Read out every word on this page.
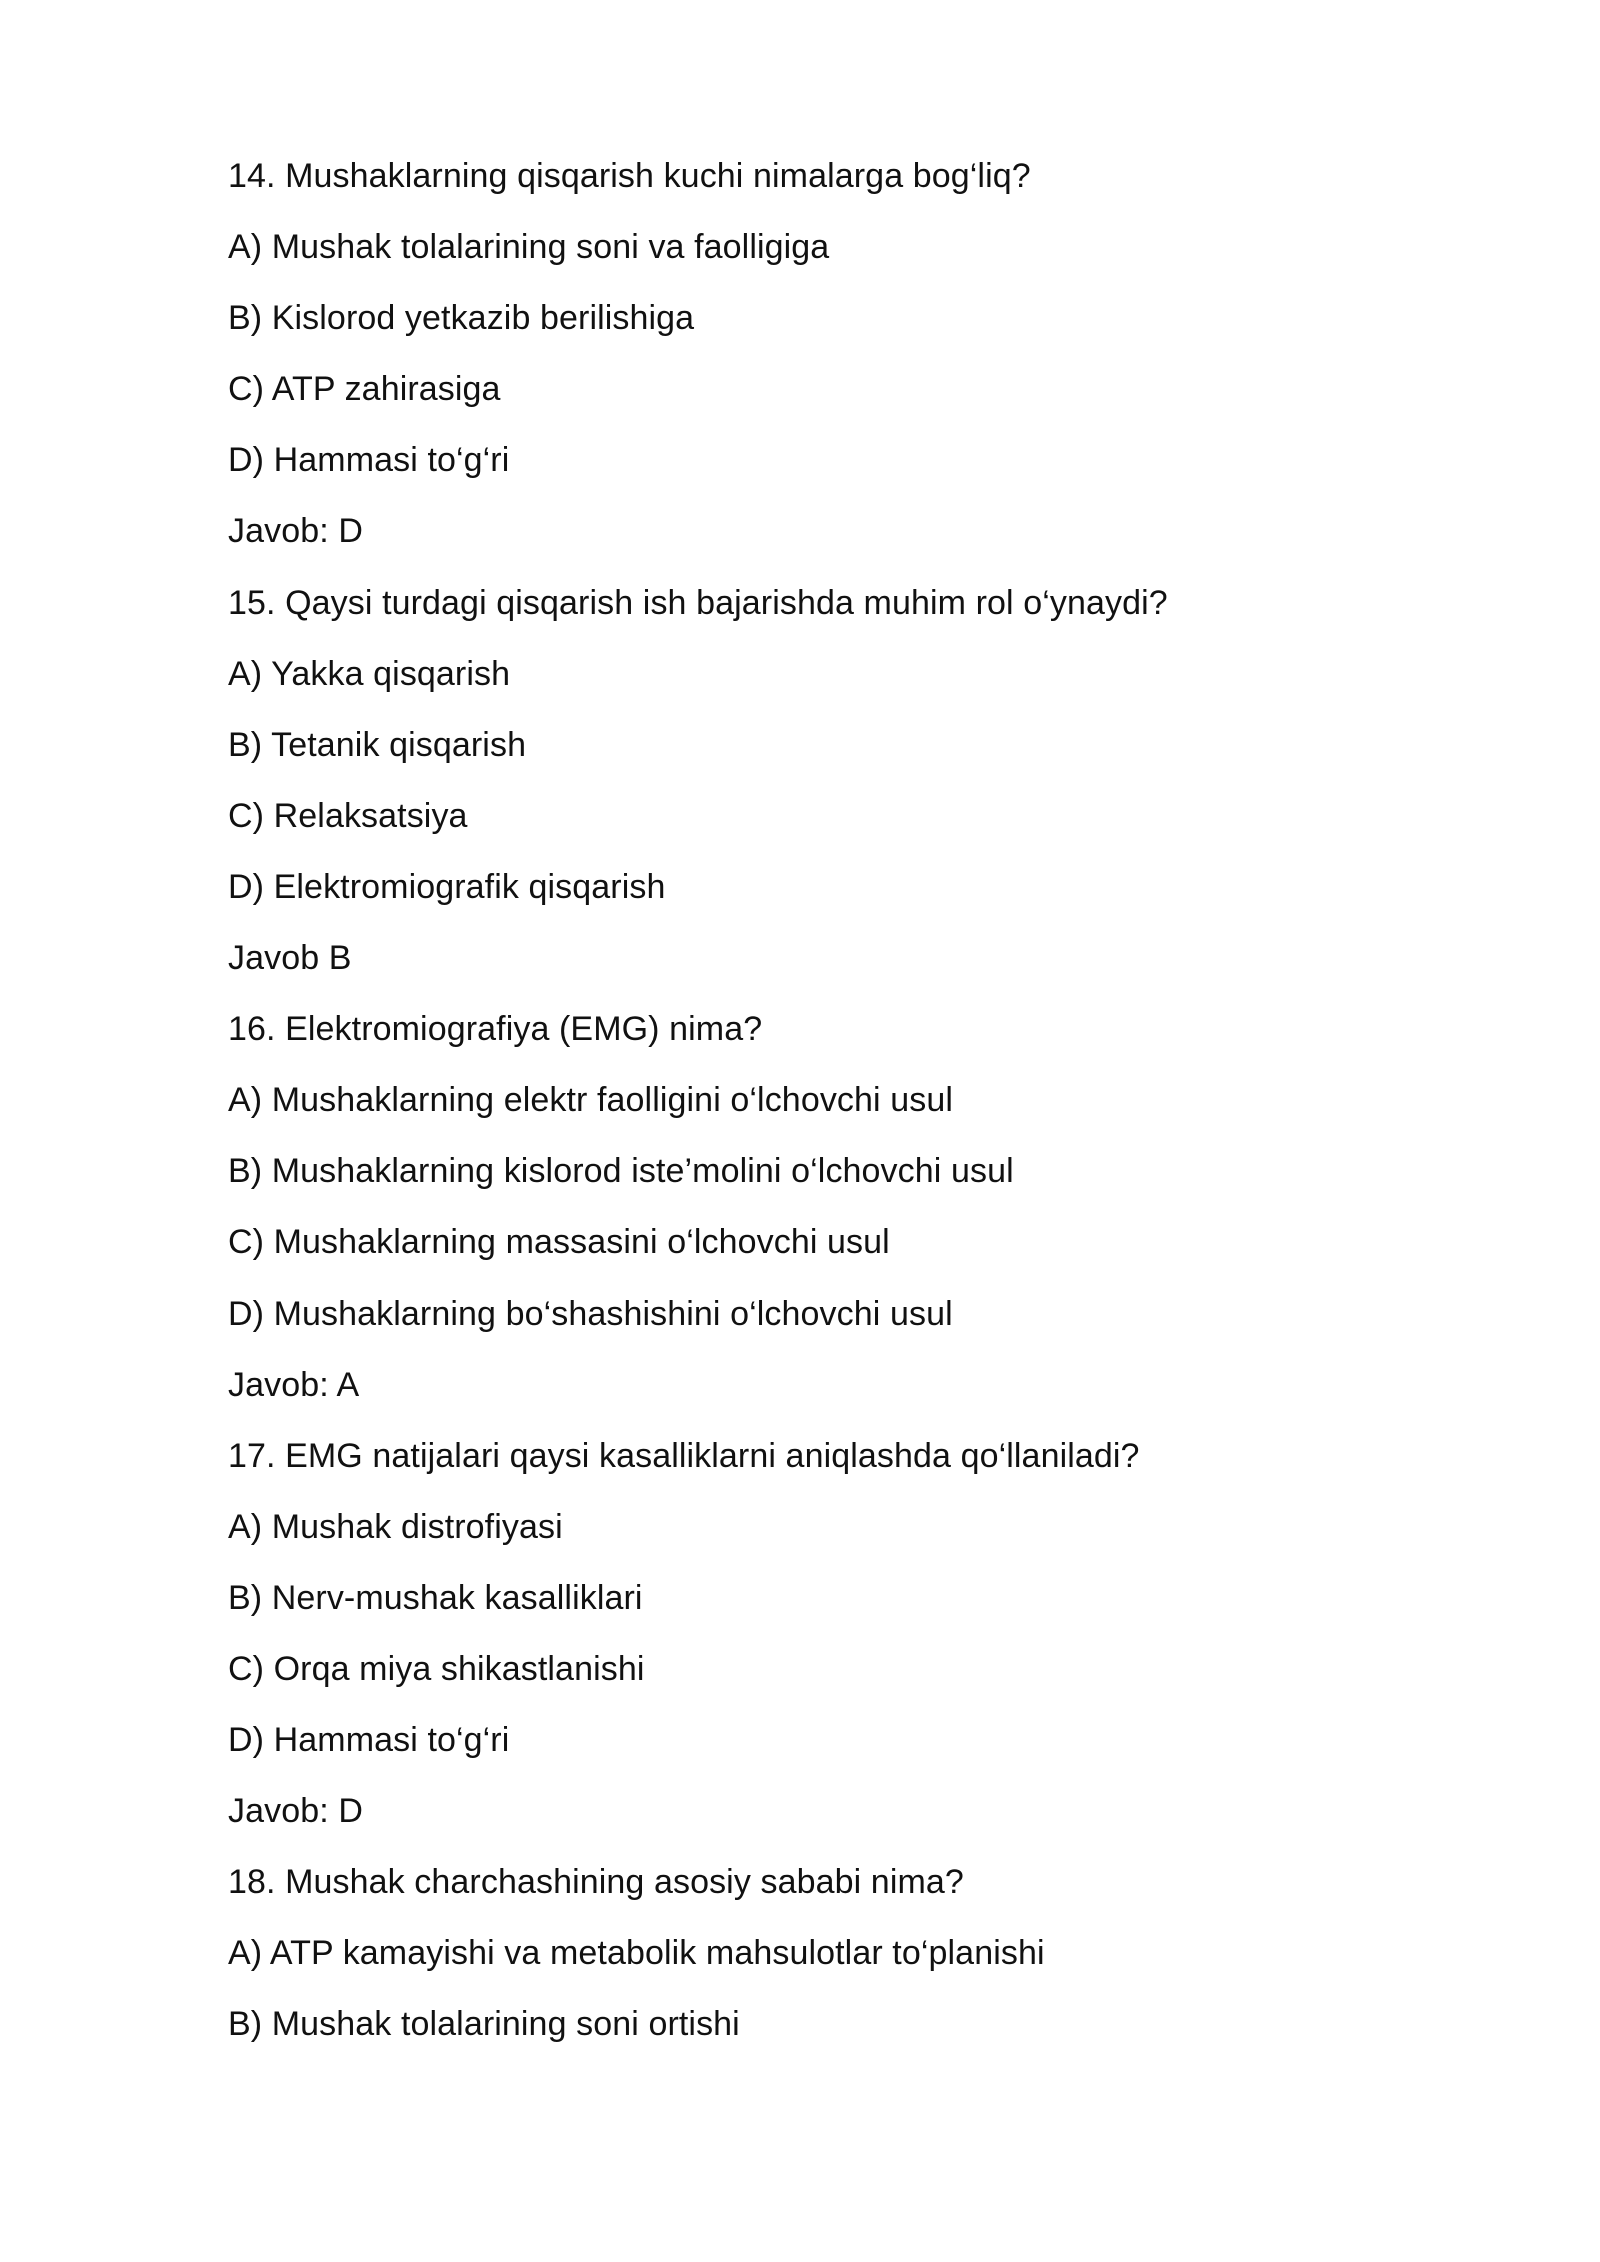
14. Mushaklarning qisqarish kuchi nimalarga bog‘liq?
A) Mushak tolalarining soni va faolligiga
B) Kislorod yetkazib berilishiga
C) ATP zahirasiga
D) Hammasi to‘g‘ri
Javob: D
15. Qaysi turdagi qisqarish ish bajarishda muhim rol o‘ynaydi?
A) Yakka qisqarish
B) Tetanik qisqarish
C) Relaksatsiya
D) Elektromiografik qisqarish
Javob B
16. Elektromiografiya (EMG) nima?
A) Mushaklarning elektr faolligini o‘lchovchi usul
B) Mushaklarning kislorod iste’molini o‘lchovchi usul
C) Mushaklarning massasini o‘lchovchi usul
D) Mushaklarning bo‘shashishini o‘lchovchi usul
Javob: A
17. EMG natijalari qaysi kasalliklarni aniqlashda qo‘llaniladi?
A) Mushak distrofiyasi
B) Nerv-mushak kasalliklari
C) Orqa miya shikastlanishi
D) Hammasi to‘g‘ri
Javob: D
18. Mushak charchashining asosiy sababi nima?
A) ATP kamayishi va metabolik mahsulotlar to‘planishi
B) Mushak tolalarining soni ortishi
